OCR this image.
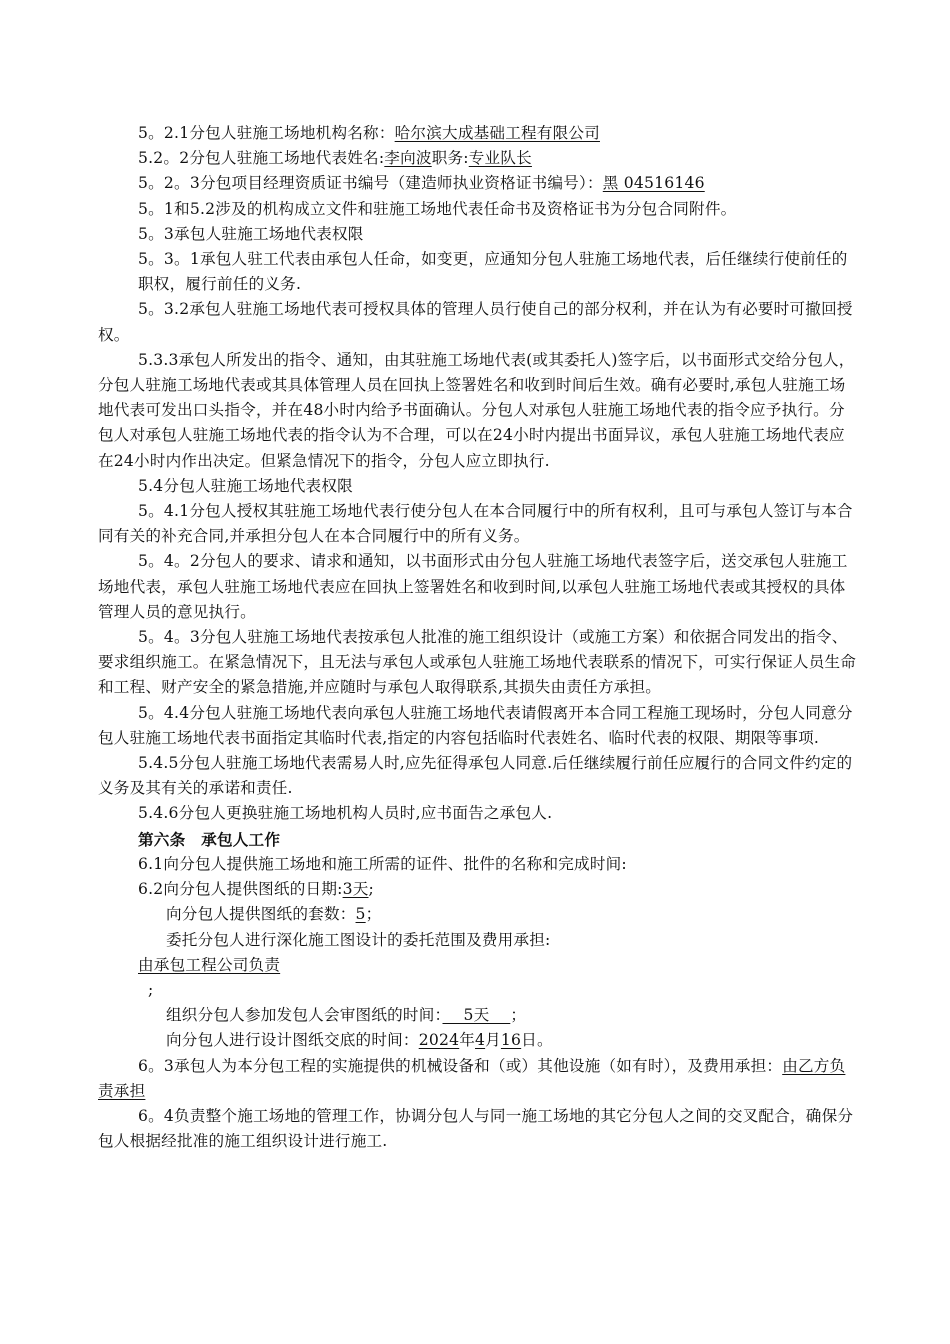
5。2.1分包人驻施工场地机构名称：哈尔滨大成基础工程有限公司

5.2。2分包人驻施工场地代表姓名:李向波职务:专业队长

5。2。3分包项目经理资质证书编号（建造师执业资格证书编号）：黑 04516146

5。1和5.2涉及的机构成立文件和驻施工场地代表任命书及资格证书为分包合同附件。

5。3承包人驻施工场地代表权限

5。3。1承包人驻工代表由承包人任命，如变更，应通知分包人驻施工场地代表，后任继续行使前任的职权，履行前任的义务.

5。3.2承包人驻施工场地代表可授权具体的管理人员行使自己的部分权利，并在认为有必要时可撤回授权。

5.3.3承包人所发出的指令、通知，由其驻施工场地代表(或其委托人)签字后，以书面形式交给分包人，分包人驻施工场地代表或其具体管理人员在回执上签署姓名和收到时间后生效。确有必要时,承包人驻施工场地代表可发出口头指令，并在48小时内给予书面确认。分包人对承包人驻施工场地代表的指令应予执行。分包人对承包人驻施工场地代表的指令认为不合理，可以在24小时内提出书面异议，承包人驻施工场地代表应在24小时内作出决定。但紧急情况下的指令，分包人应立即执行.

5.4分包人驻施工场地代表权限

5。4.1分包人授权其驻施工场地代表行使分包人在本合同履行中的所有权利，且可与承包人签订与本合同有关的补充合同,并承担分包人在本合同履行中的所有义务。

5。4。2分包人的要求、请求和通知，以书面形式由分包人驻施工场地代表签字后，送交承包人驻施工场地代表，承包人驻施工场地代表应在回执上签署姓名和收到时间,以承包人驻施工场地代表或其授权的具体管理人员的意见执行。

5。4。3分包人驻施工场地代表按承包人批准的施工组织设计（或施工方案）和依据合同发出的指令、要求组织施工。在紧急情况下，且无法与承包人或承包人驻施工场地代表联系的情况下，可实行保证人员生命和工程、财产安全的紧急措施,并应随时与承包人取得联系,其损失由责任方承担。

5。4.4分包人驻施工场地代表向承包人驻施工场地代表请假离开本合同工程施工现场时，分包人同意分包人驻施工场地代表书面指定其临时代表,指定的内容包括临时代表姓名、临时代表的权限、期限等事项.

5.4.5分包人驻施工场地代表需易人时,应先征得承包人同意.后任继续履行前任应履行的合同文件约定的义务及其有关的承诺和责任.

5.4.6分包人更换驻施工场地机构人员时,应书面告之承包人.

第六条　承包人工作

6.1向分包人提供施工场地和施工所需的证件、批件的名称和完成时间:

6.2向分包人提供图纸的日期:3天;

向分包人提供图纸的套数：5；

委托分包人进行深化施工图设计的委托范围及费用承担:

由承包工程公司负责

;

组织分包人参加发包人会审图纸的时间：　 5天　 ；

向分包人进行设计图纸交底的时间：2024年4月16日。

6。3承包人为本分包工程的实施提供的机械设备和（或）其他设施（如有时），及费用承担：由乙方负责承担

6。4负责整个施工场地的管理工作，协调分包人与同一施工场地的其它分包人之间的交叉配合，确保分包人根据经批准的施工组织设计进行施工.
